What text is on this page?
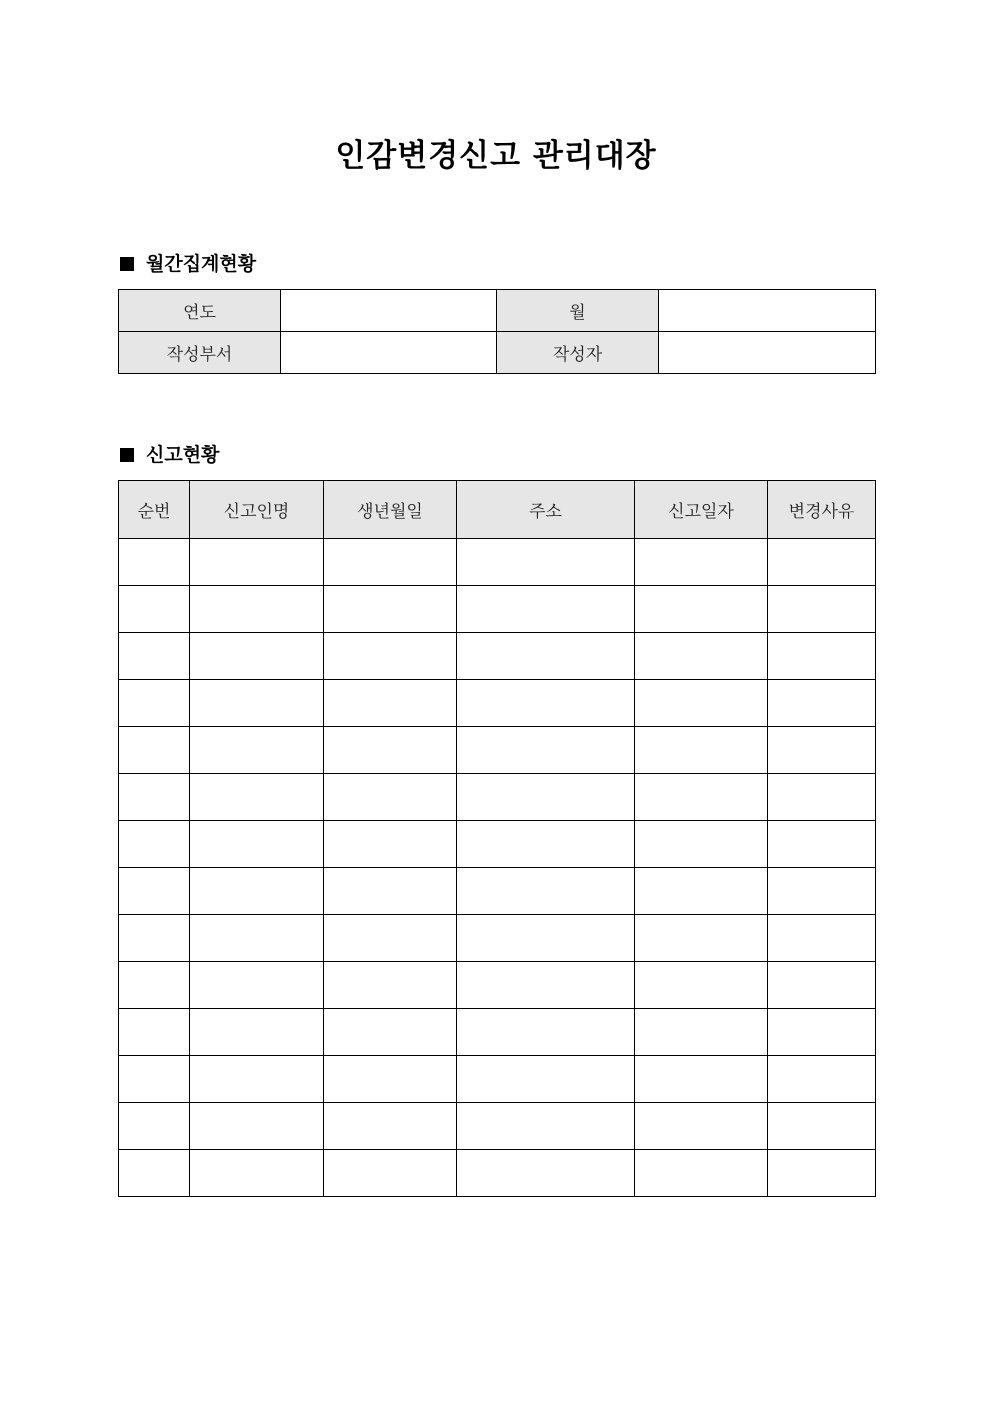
인감변경신고 관리대장
월간집계현황
연도		월	
작성부서		작성자	
신고현황
순번	신고인명	생년월일	주소	신고일자	변경사유
